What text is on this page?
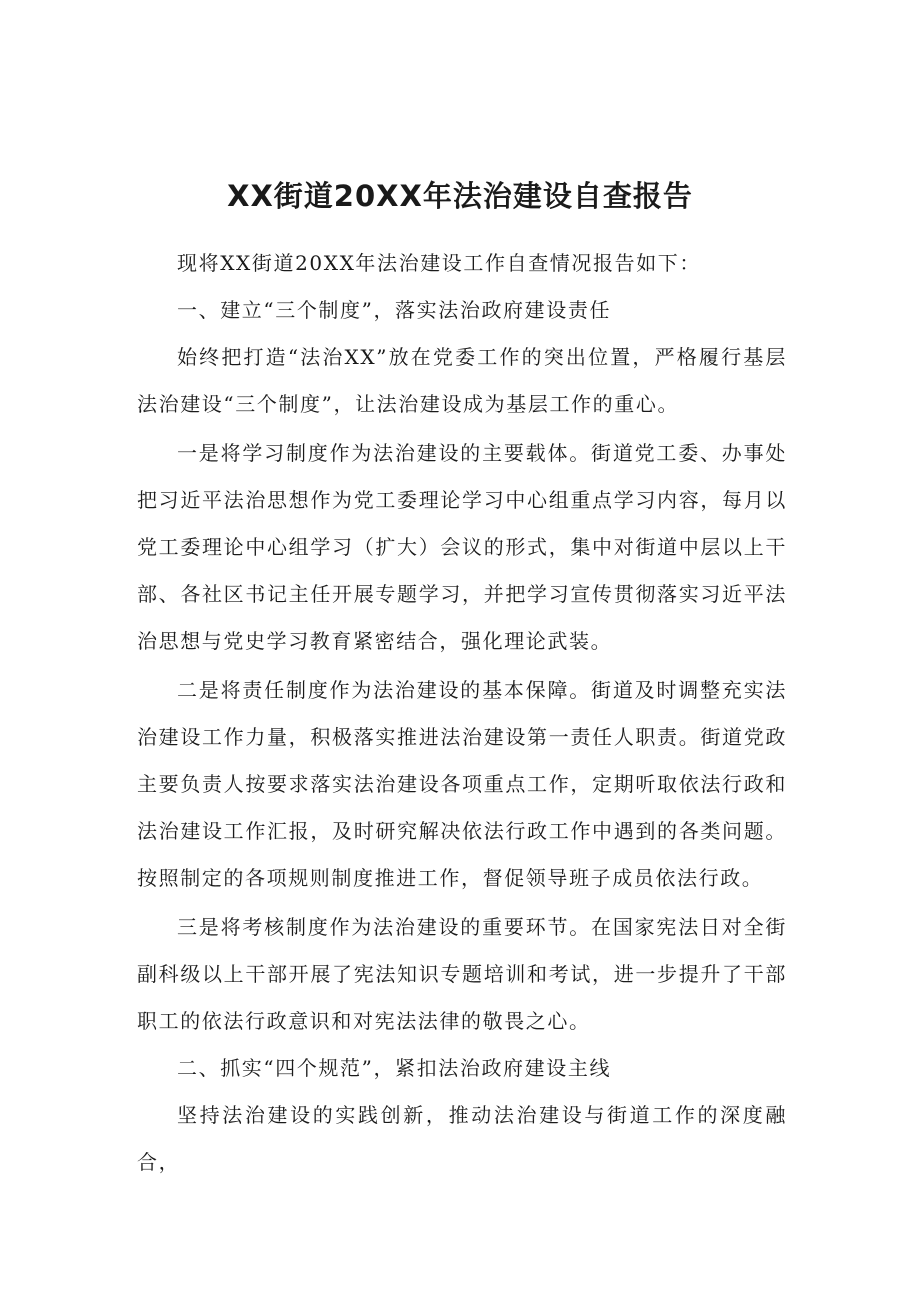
XX街道20XX年法治建设自查报告

现将XX街道20XX年法治建设工作自查情况报告如下：

一、建立“三个制度”，落实法治政府建设责任

始终把打造“法治XX”放在党委工作的突出位置，严格履行基层法治建设“三个制度”，让法治建设成为基层工作的重心。

一是将学习制度作为法治建设的主要载体。街道党工委、办事处把习近平法治思想作为党工委理论学习中心组重点学习内容，每月以党工委理论中心组学习（扩大）会议的形式，集中对街道中层以上干部、各社区书记主任开展专题学习，并把学习宣传贯彻落实习近平法治思想与党史学习教育紧密结合，强化理论武装。

二是将责任制度作为法治建设的基本保障。街道及时调整充实法治建设工作力量，积极落实推进法治建设第一责任人职责。街道党政主要负责人按要求落实法治建设各项重点工作，定期听取依法行政和法治建设工作汇报，及时研究解决依法行政工作中遇到的各类问题。按照制定的各项规则制度推进工作，督促领导班子成员依法行政。

三是将考核制度作为法治建设的重要环节。在国家宪法日对全街副科级以上干部开展了宪法知识专题培训和考试，进一步提升了干部职工的依法行政意识和对宪法法律的敬畏之心。

二、抓实“四个规范”，紧扣法治政府建设主线

坚持法治建设的实践创新，推动法治建设与街道工作的深度融合，
